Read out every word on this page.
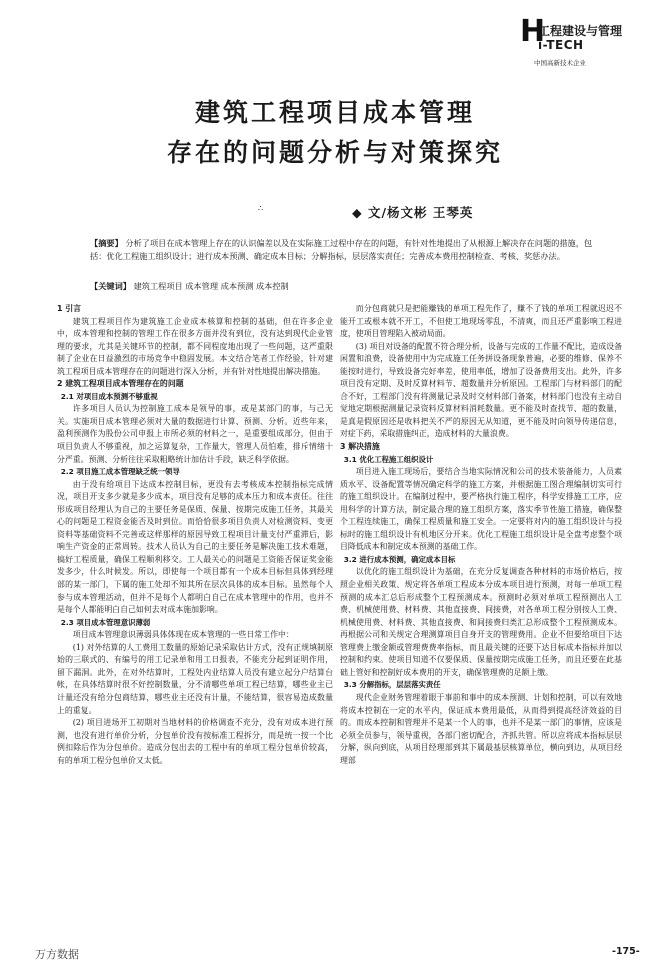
H
工程建设与管理
i-TECH
中国高新技术企业
建筑工程项目成本管理
存在的问题分析与对策探究
∴	◆ 文/杨文彬 王琴英
【摘要】 分析了项目在成本管理上存在的认识偏差以及在实际施工过程中存在的问题，有针对性地提出了从根源上解决存在问题的措施，包括：优化工程施工组织设计；进行成本预测、确定成本目标；分解指标，层层落实责任；完善成本费用控制检查、考核、奖惩办法。
【关键词】 建筑工程项目 成本管理 成本预测 成本控制

1 引言

建筑工程项目作为建筑施工企业成本核算和控制的基础，但在许多企业中，成本管理和控制的管理工作在很多方面并没有到位，没有达到现代企业管理的要求，尤其是关键环节的控制，都不同程度地出现了一些问题，这严重限制了企业在日益激烈的市场竞争中稳固发展。本文结合笔者工作经验，针对建筑工程项目成本管理存在的问题进行深入分析，并有针对性地提出解决措施。

2 建筑工程项目成本管理存在的问题

2.1 对项目成本预测不够重视

许多项目人员认为控制施工成本是领导的事，或是某部门的事，与己无关。实施项目成本管理必须对大量的数据进行计算、预测、分析。近些年来，盈利预测作为股份公司申报上市所必须的材料之一，是重要组成部分，但由于项目负责人不够重视，加之运算复杂，工作量大，管理人员怕难，排斥情绪十分严重。预测、分析往往采取粗略统计加估计手段，缺乏科学依据。

2.2 项目施工成本管理缺乏统一领导

由于没有给项目下达成本控制目标，更没有去考核成本控制指标完成情况，项目开支多少就是多少成本，项目没有足够的成本压力和成本责任。往往形成项目经理认为自己的主要任务是保质、保量、按期完成施工任务，其最关心的问题是工程资金能否及时到位。而恰恰很多项目负责人对检测资料、变更资料等基础资料不完善或这样那样的原因导致工程项目计量支付严重滞后，影响生产资金的正常周转。技术人员认为自己的主要任务是解决施工技术难题，搞好工程质量，确保工程顺利移交。工人最关心的问题是工资能否保证奖金能发多少，什么时候发。所以，即使每一个项目都有一个成本目标但具体到经理部的某一部门，下属的施工处却不知其所在层次具体的成本目标。虽然每个人参与成本管理活动，但并不是每个人都明白自己在成本管理中的作用，也并不是每个人都能明白自己如何去对成本施加影响。

2.3 项目成本管理意识薄弱

项目成本管理意识薄弱具体体现在成本管理的一些日常工作中：

(1) 对外结算的人工费用工数量的原始记录采取估计方式，没有正规填制原始的三联式的、有编号的用工记录单和用工日报表，不能充分起到证明作用，留下漏洞。此外，在对外结算时，工程处内业结算人员没有建立起分户结算台帐，在具体结算时很不好控制数量，分不清哪些单项工程已结算，哪些业主已计量还没有给分包商结算，哪些业主还没有计量，不能结算，很容易造成数量上的重复。

(2) 项目进场开工初期对当地材料的价格调查不充分，没有对成本进行预测，也没有进行单价分析，分包单价没有按标准工程拆分，而是统一按一个比例扣除后作为分包单价。造成分包出去的工程中有的单项工程分包单价较高，有的单项工程分包单价又太低。

而分包商就只是把能赚钱的单项工程先作了，赚不了钱的单项工程就迟迟不能开工或根本就不开工，不但使工地现场零乱，不清爽，而且还严重影响工程进度，使项目管理陷入被动局面。

(3) 项目对设备的配置不符合理分析，设备与完成的工作量不配比，造成设备闲置和浪费，设备使用中为完成施工任务拼设备现象普遍，必要的维修、保养不能按时进行，导致设备完好率差，使用率低，增加了设备费用支出。此外，许多项目没有定期、及时反算材料节、超数量并分析原因。工程部门与材料部门的配合不好，工程部门没有将测量记录及时交材料部门备案，材料部门也没有主动自觉地定期根据测量记录资料反算材料消耗数量。更不能及时查找节、超的数量，是真是假原因还是收料把关不严的原因无从知道，更不能及时向领导传递信息，对症下药，采取措施纠正，造成材料的大量浪费。

3 解决措施

3.1 优化工程施工组织设计

项目进入施工现场后，要结合当地实际情况和公司的技术装备能力，人员素质水平、设备配置等情况确定科学的施工方案，并根据施工图合理编制切实可行的施工组织设计。在编制过程中，要严格执行施工程序，科学安排施工工序，应用科学的计算方法，制定最合理的施工组织方案，落实季节性施工措施，确保整个工程连续施工，确保工程质量和施工安全。一定要将对内的施工组织设计与投标时的施工组织设计有机地区分开来。优化工程施工组织设计是全盘考虑整个项目降低成本和制定成本预测的基础工作。

3.2 进行成本预测，确定成本目标

以优化的施工组织设计为基础，在充分反复调查各种材料的市场价格后，按照企业相关政策、规定将各单项工程成本分成本项目进行预测，对每一单项工程预测的成本汇总后形成整个工程预测成本。预测时必须对单项工程预测出人工费、机械使用费、材料费、其他直接费、间接费，对各单项工程分别按人工费、机械使用费、材料费、其他直接费、和间接费归类汇总形成整个工程预测成本。再根据公司和关规定合理测算项目自身开支的管理费用。企业不但要给项目下达管理费上缴金额或管理费费率指标，而且最关键的还要下达目标成本指标并加以控制和约束。使项目知道不仅要保质、保量按期完成施工任务，而且还要在此基础上管好和控制好成本费用的开支，确保管理费的足额上缴。

3.3 分解指标，层层落实责任

现代企业财务管理着眼于事前和事中的成本预测、计划和控制，可以有效地将成本控制在一定的水平内，保证成本费用最低，从而得到提高经济效益的目的。而成本控制和管理并不是某一个人的事，也并不是某一部门的事情，应该是必须全员参与，领导重视，各部门密切配合，齐抓共管。所以应将成本指标层层分解，纵向到底，从项目经理部到其下属最基层核算单位，横向到边，从项目经理部

万方数据	-175-
